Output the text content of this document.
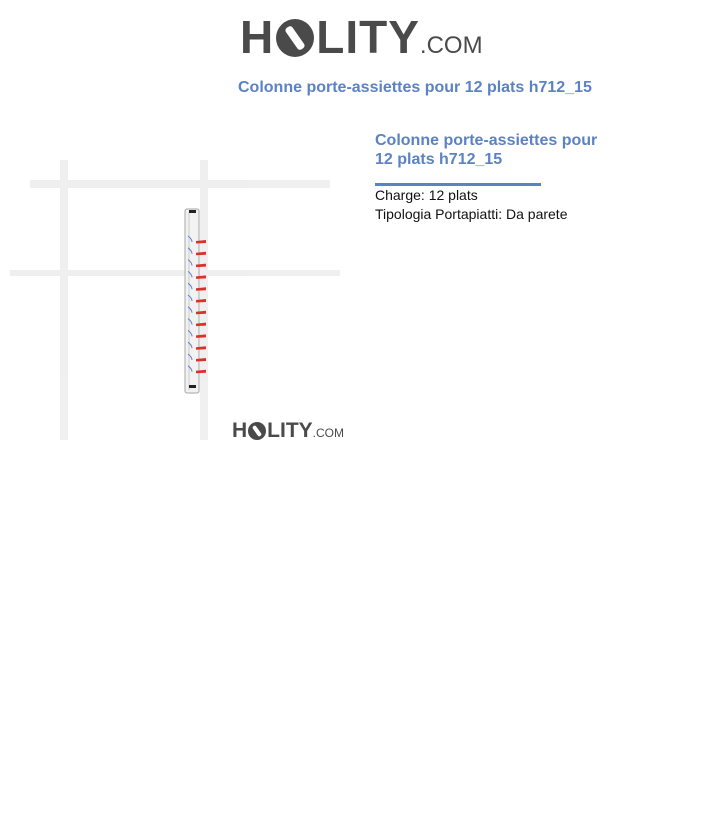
H LITY .COM
Colonne porte-assiettes pour 12 plats h712_15
H LITY .COM
Colonne porte-assiettes pour 12 plats h712_15
Charge: 12 plats
Tipologia Portapiatti: Da parete
